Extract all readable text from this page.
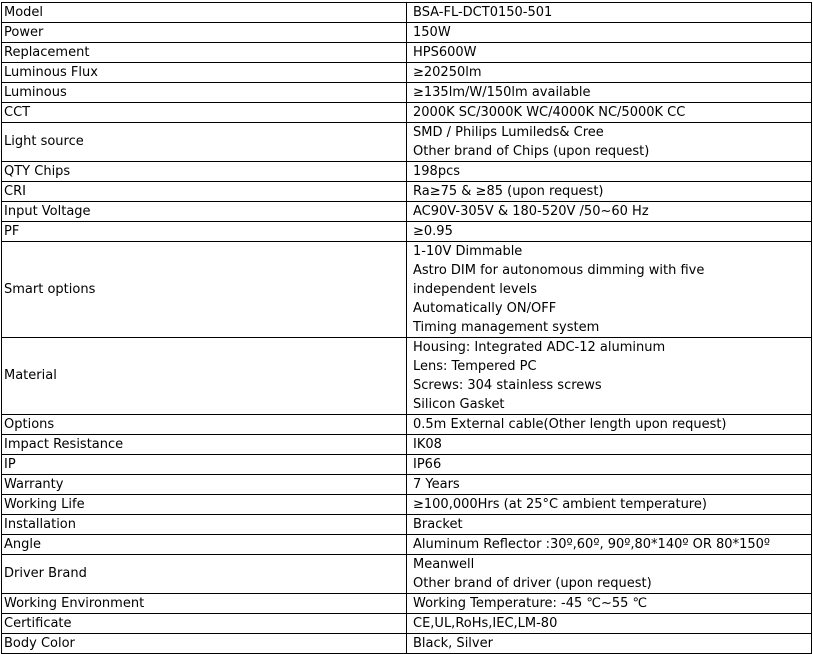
Model	BSA-FL-DCT0150-501

Power	150W

Replacement	HPS600W

Luminous Flux	≥20250lm

Luminous	≥135lm/W/150lm available

CCT	2000K SC/3000K WC/4000K NC/5000K CC

Light source	SMD / Philips Lumileds& Cree
Other brand of Chips (upon request)

QTY Chips	198pcs

CRI	Ra≥75 & ≥85 (upon request)

Input Voltage	AC90V-305V & 180-520V /50~60 Hz

PF	≥0.95

Smart options	1-10V Dimmable
Astro DIM for autonomous dimming with five
independent levels
Automatically ON/OFF
Timing management system

Material	Housing: Integrated ADC-12 aluminum
Lens: Tempered PC
Screws: 304 stainless screws
Silicon Gasket

Options	0.5m External cable(Other length upon request)

Impact Resistance	IK08

IP	IP66

Warranty	7 Years

Working Life	≥100,000Hrs (at 25°C ambient temperature)

Installation	Bracket

Angle	Aluminum Reflector :30º,60º, 90º,80*140º OR 80*150º

Driver Brand	Meanwell
Other brand of driver (upon request)

Working Environment	Working Temperature: -45 ℃~55 ℃

Certificate	CE,UL,RoHs,IEC,LM-80

Body Color	Black, Silver
